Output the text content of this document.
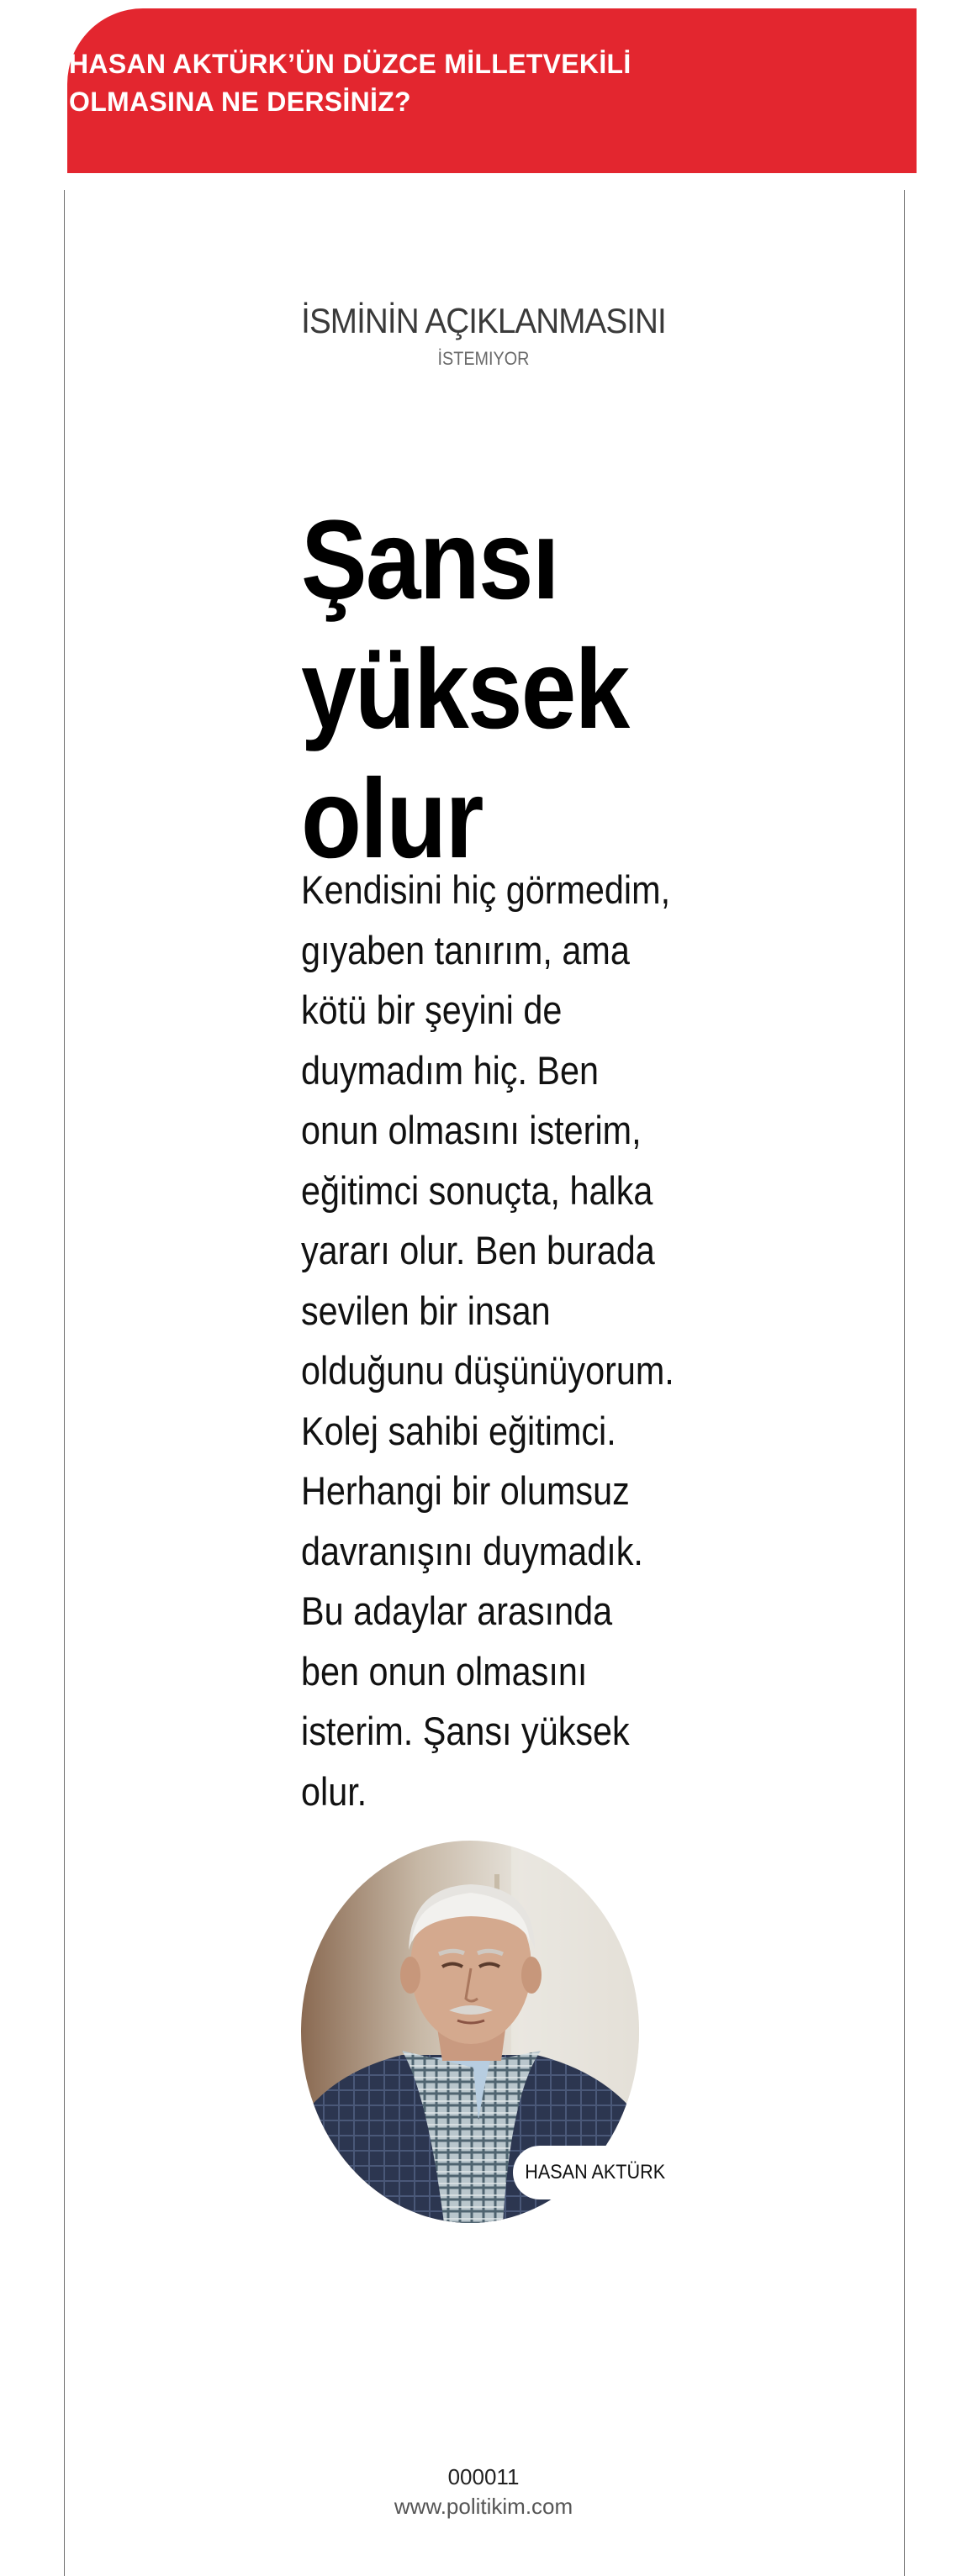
HASAN AKTÜRK’ÜN DÜZCE MİLLETVEKİLİ
OLMASINA NE DERSİNİZ?
İSMİNİN AÇIKLANMASINI
İSTEMIYOR
Şansı
yüksek
olur

Kendisini hiç görmedim,
gıyaben tanırım, ama
kötü bir şeyini de
duymadım hiç. Ben
onun olmasını isterim,
eğitimci sonuçta, halka
yararı olur. Ben burada
sevilen bir insan
olduğunu düşünüyorum.
Kolej sahibi eğitimci.
Herhangi bir olumsuz
davranışını duymadık.
Bu adaylar arasında
ben onun olmasını
isterim. Şansı yüksek
olur.

HASAN AKTÜRK
000011
www.politikim.com
